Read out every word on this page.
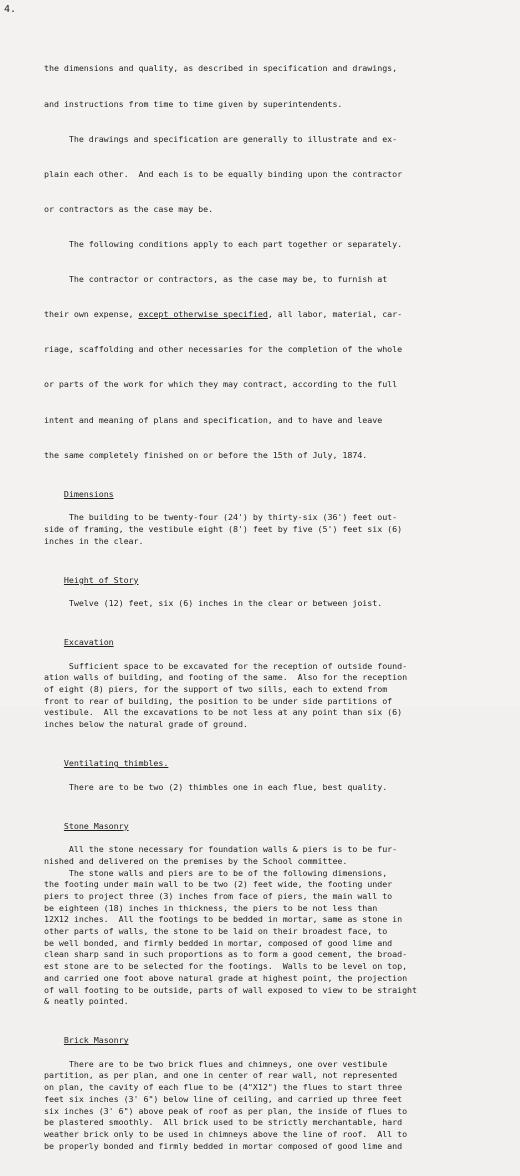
4.

the dimensions and quality, as described in specification and drawings,

and instructions from time to time given by superintendents.

The drawings and specification are generally to illustrate and ex-

plain each other.  And each is to be equally binding upon the contractor

or contractors as the case may be.

The following conditions apply to each part together or separately.

The contractor or contractors, as the case may be, to furnish at

their own expense, except otherwise specified, all labor, material, car-

riage, scaffolding and other necessaries for the completion of the whole

or parts of the work for which they may contract, according to the full

intent and meaning of plans and specification, and to have and leave

the same completely finished on or before the 15th of July, 1874.

Dimensions

The building to be twenty-four (24') by thirty-six (36') feet out-

side of framing, the vestibule eight (8') feet by five (5') feet six (6)

inches in the clear.

Height of Story

Twelve (12) feet, six (6) inches in the clear or between joist.

Excavation

Sufficient space to be excavated for the reception of outside found-

ation walls of building, and footing of the same.  Also for the reception

of eight (8) piers, for the support of two sills, each to extend from

front to rear of building, the position to be under side partitions of

vestibule.  All the excavations to be not less at any point than six (6)

inches below the natural grade of ground.

Ventilating thimbles.

There are to be two (2) thimbles one in each flue, best quality.

Stone Masonry

All the stone necessary for foundation walls & piers is to be fur-

nished and delivered on the premises by the School committee.

The stone walls and piers are to be of the following dimensions,

the footing under main wall to be two (2) feet wide, the footing under

piers to project three (3) inches from face of piers, the main wall to

be eighteen (18) inches in thickness, the piers to be not less than

12X12 inches.  All the footings to be bedded in mortar, same as stone in

other parts of walls, the stone to be laid on their broadest face, to

be well bonded, and firmly bedded in mortar, composed of good lime and

clean sharp sand in such proportions as to form a good cement, the broad-

est stone are to be selected for the footings.  Walls to be level on top,

and carried one foot above natural grade at highest point, the projection

of wall footing to be outside, parts of wall exposed to view to be straight

& neatly pointed.

Brick Masonry

There are to be two brick flues and chimneys, one over vestibule

partition, as per plan, and one in center of rear wall, not represented

on plan, the cavity of each flue to be (4"X12") the flues to start three

feet six inches (3' 6") below line of ceiling, and carried up three feet

six inches (3' 6") above peak of roof as per plan, the inside of flues to

be plastered smoothly.  All brick used to be strictly merchantable, hard

weather brick only to be used in chimneys above the line of roof.  All to

be properly bonded and firmly bedded in mortar composed of good lime and
